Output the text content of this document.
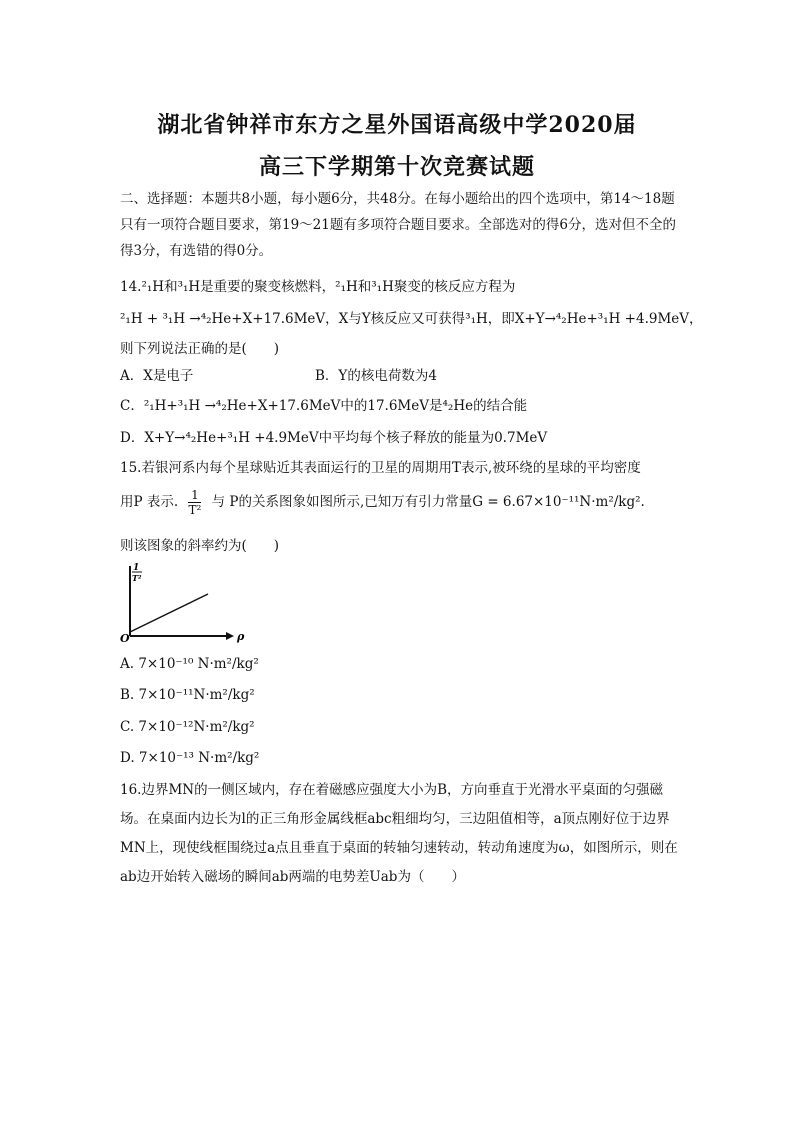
湖北省钟祥市东方之星外国语高级中学2020届
高三下学期第十次竞赛试题
二、选择题：本题共8小题，每小题6分，共48分。在每小题给出的四个选项中，第14～18题只有一项符合题目要求，第19～21题有多项符合题目要求。全部选对的得6分，选对但不全的得3分，有选错的得0分。
14.²₁H和³₁H是重要的聚变核燃料，²₁H和³₁H聚变的核反应方程为
²₁H + ³₁H →⁴₂He+X+17.6MeV，X与Y核反应又可获得³₁H，即X+Y→⁴₂He+³₁H +4.9MeV，
则下列说法正确的是(　　)
A．X是电子	B．Y的核电荷数为4
C．²₁H+³₁H →⁴₂He+X+17.6MeV中的17.6MeV是⁴₂He的结合能
D．X+Y→⁴₂He+³₁H +4.9MeV中平均每个核子释放的能量为0.7MeV
15.若银河系内每个星球贴近其表面运行的卫星的周期用T表示,被环绕的星球的平均密度
用P 表示. $\frac{1}{\text{T²}}$ 与 P的关系图象如图所示,已知万有引力常量G = 6.67×10⁻¹¹N·m²/kg².
则该图象的斜率约为(　　)
1
T²
O	ρ
A. 7×10⁻¹⁰ N·m²/kg²
B. 7×10⁻¹¹N·m²/kg²
C. 7×10⁻¹²N·m²/kg²
D. 7×10⁻¹³ N·m²/kg²
16.边界MN的一侧区域内，存在着磁感应强度大小为B，方向垂直于光滑水平桌面的匀强磁场。在桌面内边长为l的正三角形金属线框abc粗细均匀，三边阻值相等，a顶点刚好位于边界MN上，现使线框围绕过a点且垂直于桌面的转轴匀速转动，转动角速度为ω，如图所示，则在ab边开始转入磁场的瞬间ab两端的电势差Uab为（　　）
